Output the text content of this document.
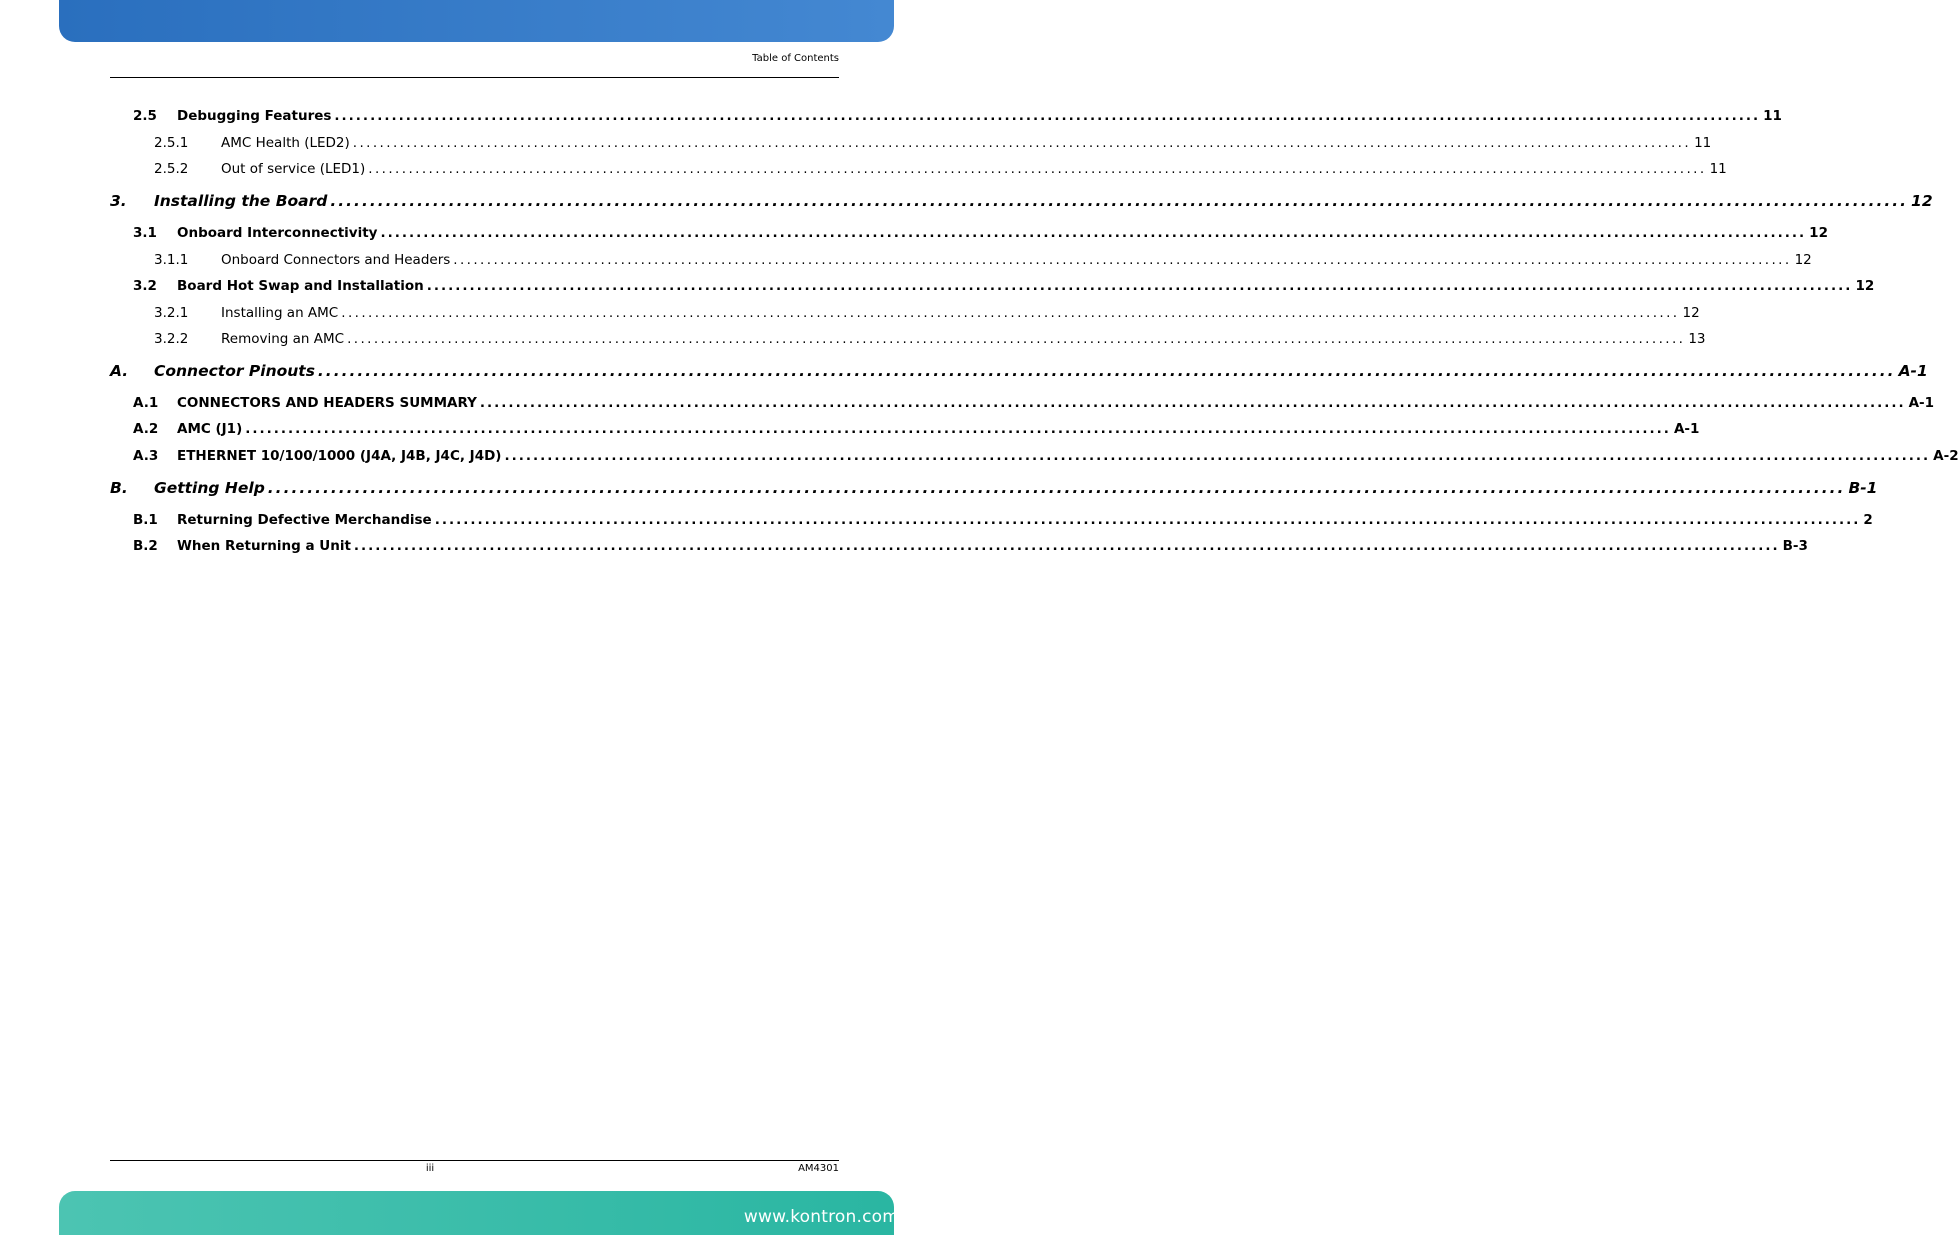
Table of Contents
2.5	Debugging Features ........................................................................................................................................................................................................ 11
2.5.1	AMC Health (LED2) ........................................................................................................................................................................................................ 11
2.5.2	Out of service (LED1) ........................................................................................................................................................................................................ 11
3.	Installing the Board ........................................................................................................................................................................................................ 12
3.1	Onboard Interconnectivity ........................................................................................................................................................................................................ 12
3.1.1	Onboard Connectors and Headers ........................................................................................................................................................................................................ 12
3.2	Board Hot Swap and Installation ........................................................................................................................................................................................................ 12
3.2.1	Installing an AMC ........................................................................................................................................................................................................ 12
3.2.2	Removing an AMC ........................................................................................................................................................................................................ 13
A.	Connector Pinouts ........................................................................................................................................................................................................ A-1
A.1	CONNECTORS AND HEADERS SUMMARY ........................................................................................................................................................................................................ A-1
A.2	AMC (J1) ........................................................................................................................................................................................................ A-1
A.3	ETHERNET 10/100/1000 (J4A, J4B, J4C, J4D) ........................................................................................................................................................................................................ A-2
B.	Getting Help ........................................................................................................................................................................................................ B-1
B.1	Returning Defective Merchandise ........................................................................................................................................................................................................ 2
B.2	When Returning a Unit ........................................................................................................................................................................................................ B-3
iii	AM4301
www.kontron.com
